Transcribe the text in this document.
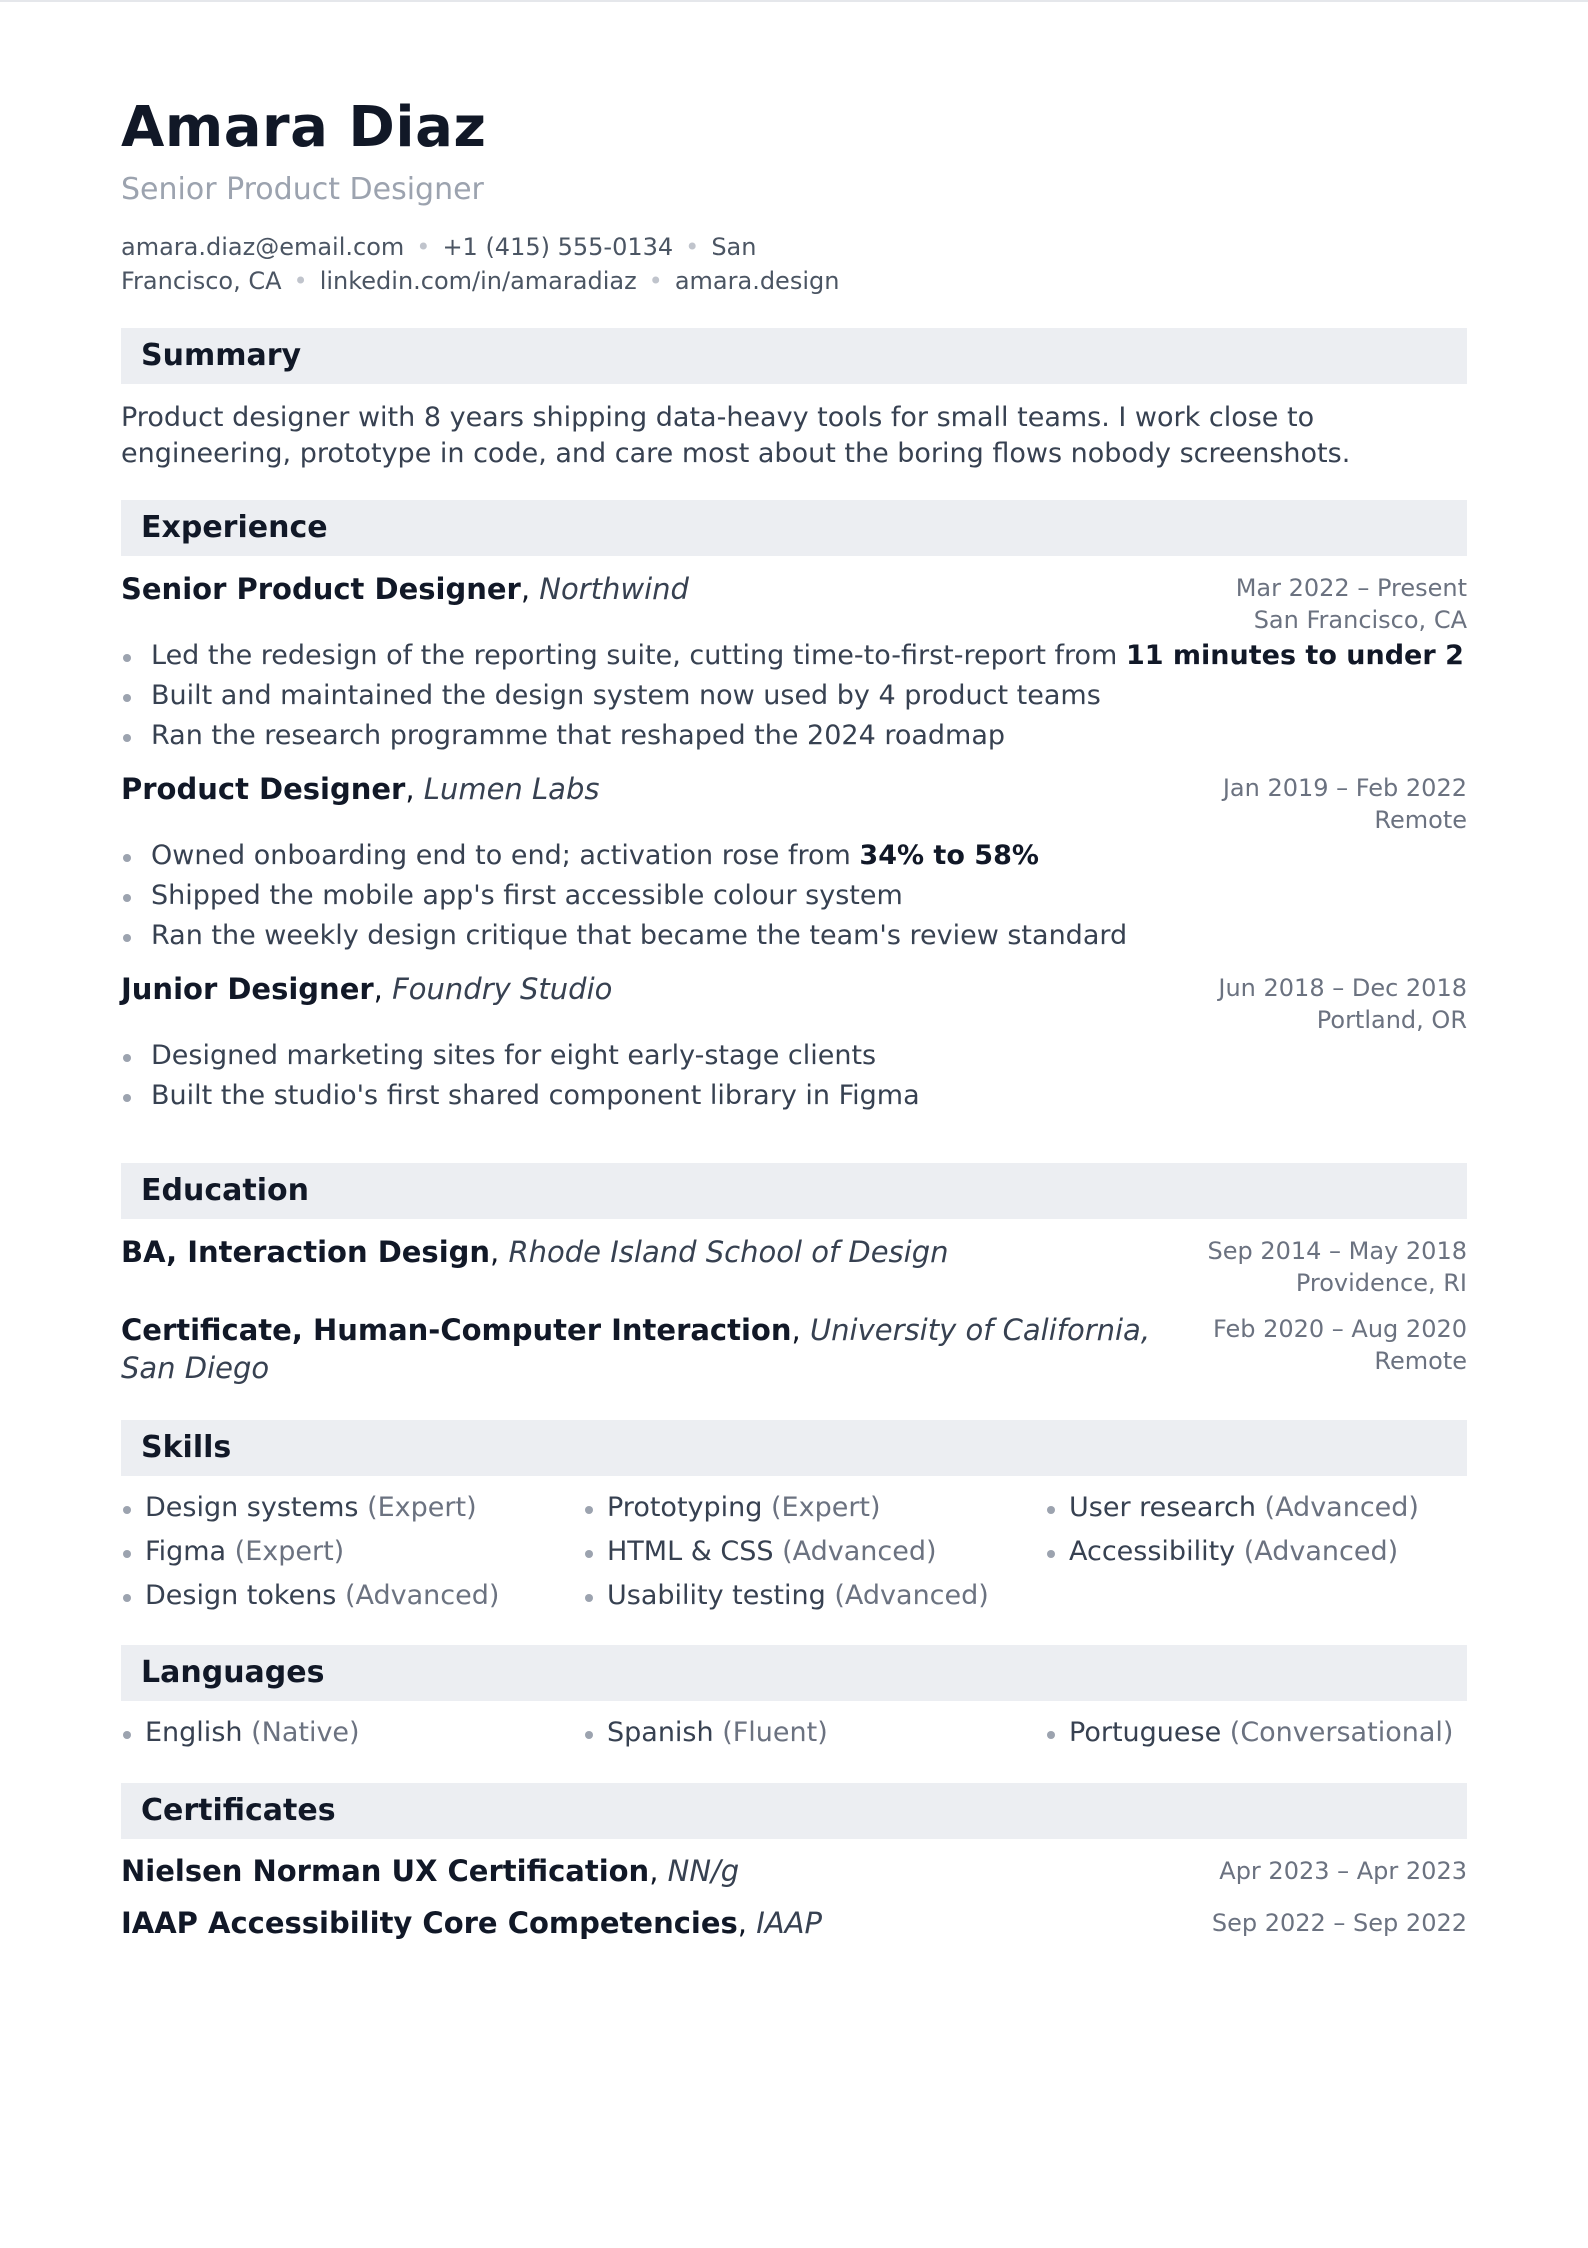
Amara Diaz
Senior Product Designer
amara.diaz@email.com • +1 (415) 555-0134 • San Francisco, CA • linkedin.com/in/amaradiaz • amara.design
Summary
Product designer with 8 years shipping data-heavy tools for small teams. I work close to engineering, prototype in code, and care most about the boring flows nobody screenshots.
Experience
Senior Product Designer, Northwind	Mar 2022 – Present
San Francisco, CA
Led the redesign of the reporting suite, cutting time-to-first-report from 11 minutes to under 2
Built and maintained the design system now used by 4 product teams
Ran the research programme that reshaped the 2024 roadmap
Product Designer, Lumen Labs	Jan 2019 – Feb 2022
Remote
Owned onboarding end to end; activation rose from 34% to 58%
Shipped the mobile app's first accessible colour system
Ran the weekly design critique that became the team's review standard
Junior Designer, Foundry Studio	Jun 2018 – Dec 2018
Portland, OR
Designed marketing sites for eight early-stage clients
Built the studio's first shared component library in Figma
Education
BA, Interaction Design, Rhode Island School of Design	Sep 2014 – May 2018
Providence, RI
Certificate, Human-Computer Interaction, University of California, San Diego
Feb 2020 – Aug 2020
Remote
Skills
Design systems (Expert)	Prototyping (Expert)	User research (Advanced)
Figma (Expert)	HTML & CSS (Advanced)	Accessibility (Advanced)
Design tokens (Advanced)	Usability testing (Advanced)
Languages
English (Native)	Spanish (Fluent)	Portuguese (Conversational)
Certificates
Nielsen Norman UX Certification, NN/g	Apr 2023 – Apr 2023
IAAP Accessibility Core Competencies, IAAP	Sep 2022 – Sep 2022
